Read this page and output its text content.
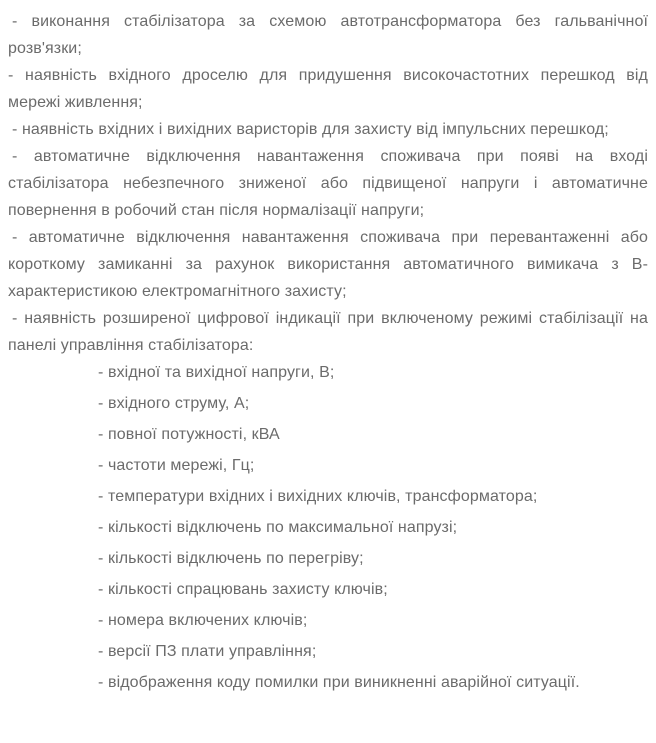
- виконання стабілізатора за схемою автотрансформатора без гальванічної розв'язки;

- наявність вхідного дроселю для придушення високочастотних перешкод від мережі живлення;

- наявність вхідних і вихідних варисторів для захисту від імпульсних перешкод;

- автоматичне відключення навантаження споживача при появі на вході стабілізатора небезпечного зниженої або підвищеної напруги і автоматичне повернення в робочий стан після нормалізації напруги;

- автоматичне відключення навантаження споживача при перевантаженні або короткому замиканні за рахунок використання автоматичного вимикача з В-характеристикою електромагнітного захисту;

- наявність розширеної цифрової індикації при включеному режимі стабілізації на панелі управління стабілізатора:

- вхідної та вихідної напруги, В;

- вхідного струму, А;

- повної потужності, кВА

- частоти мережі, Гц;

- температури вхідних і вихідних ключів, трансформатора;

- кількості відключень по максимальної напрузі;

- кількості відключень по перегріву;

- кількості спрацювань захисту ключів;

- номера включених ключів;

- версії ПЗ плати управління;

- відображення коду помилки при виникненні аварійної ситуації.
